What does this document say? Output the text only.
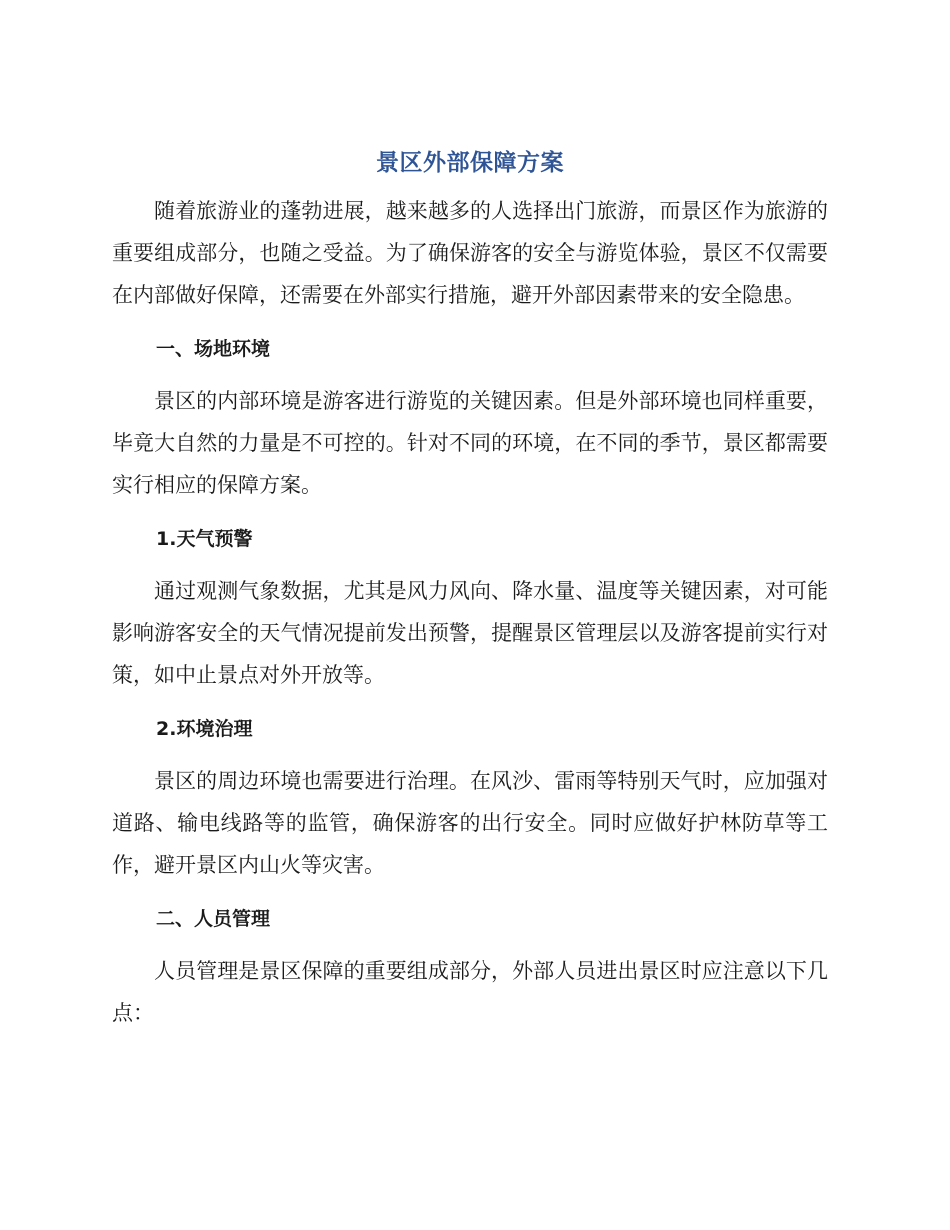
景区外部保障方案

随着旅游业的蓬勃进展，越来越多的人选择出门旅游，而景区作为旅游的重要组成部分，也随之受益。为了确保游客的安全与游览体验，景区不仅需要在内部做好保障，还需要在外部实行措施，避开外部因素带来的安全隐患。

一、场地环境

景区的内部环境是游客进行游览的关键因素。但是外部环境也同样重要，毕竟大自然的力量是不可控的。针对不同的环境，在不同的季节，景区都需要实行相应的保障方案。

1.天气预警

通过观测气象数据，尤其是风力风向、降水量、温度等关键因素，对可能影响游客安全的天气情况提前发出预警，提醒景区管理层以及游客提前实行对策，如中止景点对外开放等。

2.环境治理

景区的周边环境也需要进行治理。在风沙、雷雨等特别天气时，应加强对道路、输电线路等的监管，确保游客的出行安全。同时应做好护林防草等工作，避开景区内山火等灾害。

二、人员管理

人员管理是景区保障的重要组成部分，外部人员进出景区时应注意以下几点：
